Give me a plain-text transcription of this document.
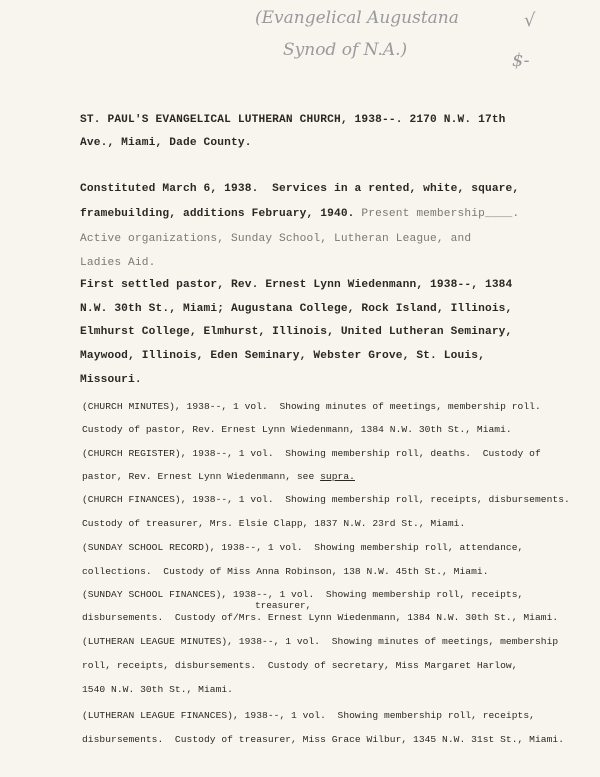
(Evangelical Augustana
Synod of N.A.)
√
$-
ST. PAUL'S EVANGELICAL LUTHERAN CHURCH, 1938--. 2170 N.W. 17th
Ave., Miami, Dade County.
Constituted March 6, 1938.  Services in a rented, white, square,
framebuilding, additions February, 1940. Present membership____.
Active organizations, Sunday School, Lutheran League, and
Ladies Aid.
First settled pastor, Rev. Ernest Lynn Wiedenmann, 1938--, 1384
N.W. 30th St., Miami; Augustana College, Rock Island, Illinois,
Elmhurst College, Elmhurst, Illinois, United Lutheran Seminary,
Maywood, Illinois, Eden Seminary, Webster Grove, St. Louis,
Missouri.
(CHURCH MINUTES), 1938--, 1 vol.  Showing minutes of meetings, membership roll.
Custody of pastor, Rev. Ernest Lynn Wiedenmann, 1384 N.W. 30th St., Miami.
(CHURCH REGISTER), 1938--, 1 vol.  Showing membership roll, deaths.  Custody of
pastor, Rev. Ernest Lynn Wiedenmann, see supra.
(CHURCH FINANCES), 1938--, 1 vol.  Showing membership roll, receipts, disbursements.
Custody of treasurer, Mrs. Elsie Clapp, 1837 N.W. 23rd St., Miami.
(SUNDAY SCHOOL RECORD), 1938--, 1 vol.  Showing membership roll, attendance,
collections.  Custody of Miss Anna Robinson, 138 N.W. 45th St., Miami.
(SUNDAY SCHOOL FINANCES), 1938--, 1 vol.  Showing membership roll, receipts,
treasurer,
disbursements.  Custody of/Mrs. Ernest Lynn Wiedenmann, 1384 N.W. 30th St., Miami.
(LUTHERAN LEAGUE MINUTES), 1938--, 1 vol.  Showing minutes of meetings, membership
roll, receipts, disbursements.  Custody of secretary, Miss Margaret Harlow,
1540 N.W. 30th St., Miami.
(LUTHERAN LEAGUE FINANCES), 1938--, 1 vol.  Showing membership roll, receipts,
disbursements.  Custody of treasurer, Miss Grace Wilbur, 1345 N.W. 31st St., Miami.
